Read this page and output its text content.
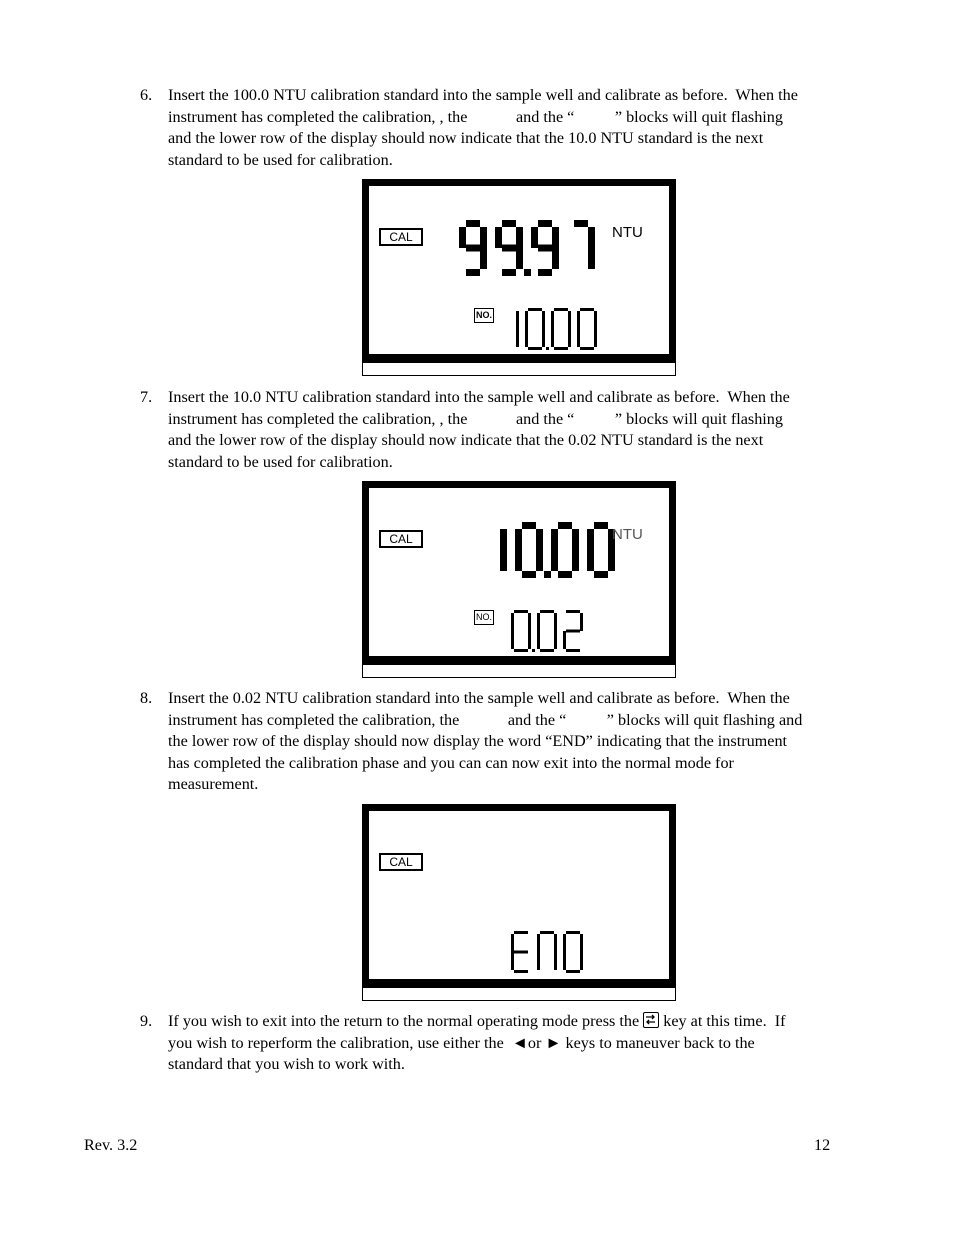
6. Insert the 100.0 NTU calibration standard into the sample well and calibrate as before.  When the
instrument has completed the calibration, , the            and the “          ” blocks will quit flashing
and the lower row of the display should now indicate that the 10.0 NTU standard is the next
standard to be used for calibration.
CAL	NTU
NO.
7. Insert the 10.0 NTU calibration standard into the sample well and calibrate as before.  When the
instrument has completed the calibration, , the            and the “          ” blocks will quit flashing
and the lower row of the display should now indicate that the 0.02 NTU standard is the next
standard to be used for calibration.
CAL	NTU
NO.
8. Insert the 0.02 NTU calibration standard into the sample well and calibrate as before.  When the
instrument has completed the calibration, the            and the “          ” blocks will quit flashing and
the lower row of the display should now display the word “END” indicating that the instrument
has completed the calibration phase and you can can now exit into the normal mode for
measurement.
CAL
9. If you wish to exit into the return to the normal operating mode press the key at this time.  If
you wish to reperform the calibration, use either the  ◄or ► keys to maneuver back to the
standard that you wish to work with.
Rev. 3.2	12
